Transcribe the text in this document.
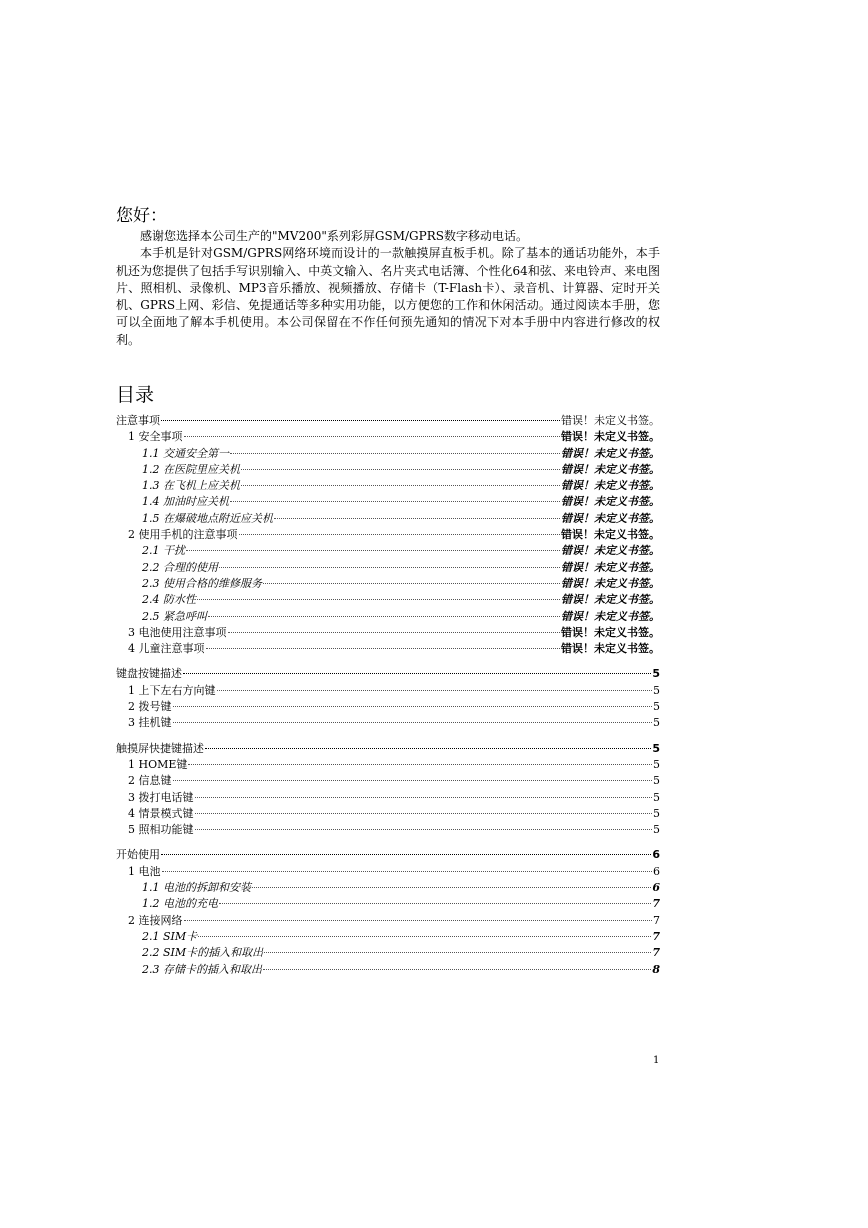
您好：

感谢您选择本公司生产的"MV200"系列彩屏GSM/GPRS数字移动电话。

本手机是针对GSM/GPRS网络环境而设计的一款触摸屏直板手机。除了基本的通话功能外，本手机还为您提供了包括手写识别输入、中英文输入、名片夹式电话簿、个性化64和弦、来电铃声、来电图片、照相机、录像机、MP3音乐播放、视频播放、存储卡（T-Flash卡）、录音机、计算器、定时开关机、GPRS上网、彩信、免提通话等多种实用功能，以方便您的工作和休闲活动。通过阅读本手册，您可以全面地了解本手机使用。本公司保留在不作任何预先通知的情况下对本手册中内容进行修改的权利。

目录
注意事项	错误！未定义书签。
1 安全事项	错误！未定义书签。
1.1 交通安全第一	错误！未定义书签。
1.2 在医院里应关机	错误！未定义书签。
1.3 在飞机上应关机	错误！未定义书签。
1.4 加油时应关机	错误！未定义书签。
1.5 在爆破地点附近应关机	错误！未定义书签。
2 使用手机的注意事项	错误！未定义书签。
2.1 干扰	错误！未定义书签。
2.2 合理的使用	错误！未定义书签。
2.3 使用合格的维修服务	错误！未定义书签。
2.4 防水性	错误！未定义书签。
2.5 紧急呼叫	错误！未定义书签。
3 电池使用注意事项	错误！未定义书签。
4 儿童注意事项	错误！未定义书签。
键盘按键描述	5
1 上下左右方向键	5
2 拨号键	5
3 挂机键	5
触摸屏快捷键描述	5
1 HOME键	5
2 信息键	5
3 拨打电话键	5
4 情景模式键	5
5 照相功能键	5
开始使用	6
1 电池	6
1.1 电池的拆卸和安装	6
1.2 电池的充电	7
2 连接网络	7
2.1 SIM卡	7
2.2 SIM卡的插入和取出	7
2.3 存储卡的插入和取出	8
1
